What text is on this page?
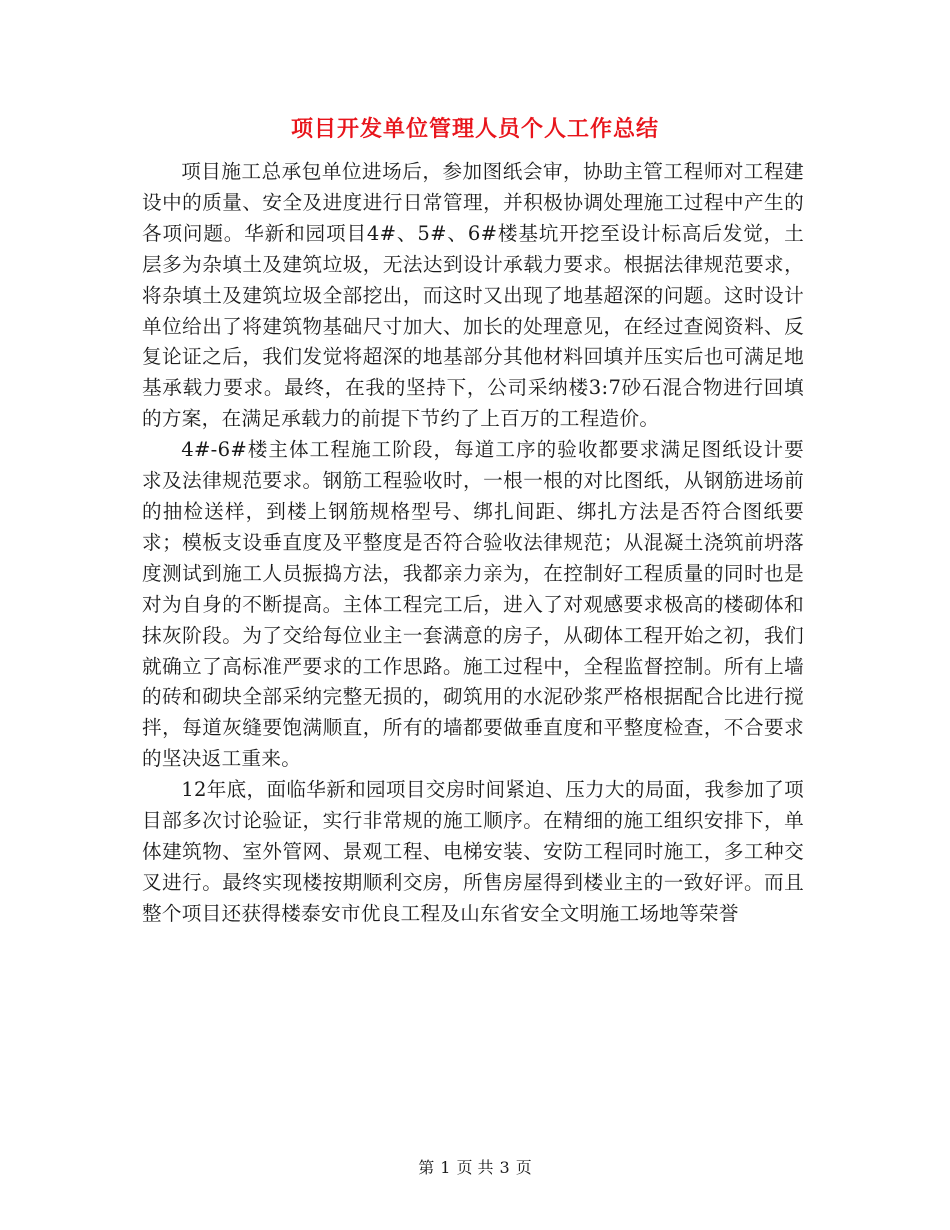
项目开发单位管理人员个人工作总结

项目施工总承包单位进场后，参加图纸会审，协助主管工程师对工程建设中的质量、安全及进度进行日常管理，并积极协调处理施工过程中产生的各项问题。华新和园项目4#、5#、6#楼基坑开挖至设计标高后发觉，土层多为杂填土及建筑垃圾，无法达到设计承载力要求。根据法律规范要求，将杂填土及建筑垃圾全部挖出，而这时又出现了地基超深的问题。这时设计单位给出了将建筑物基础尺寸加大、加长的处理意见，在经过查阅资料、反复论证之后，我们发觉将超深的地基部分其他材料回填并压实后也可满足地基承载力要求。最终，在我的坚持下，公司采纳楼3:7砂石混合物进行回填的方案，在满足承载力的前提下节约了上百万的工程造价。

4#-6#楼主体工程施工阶段，每道工序的验收都要求满足图纸设计要求及法律规范要求。钢筋工程验收时，一根一根的对比图纸，从钢筋进场前的抽检送样，到楼上钢筋规格型号、绑扎间距、绑扎方法是否符合图纸要求；模板支设垂直度及平整度是否符合验收法律规范；从混凝土浇筑前坍落度测试到施工人员振捣方法，我都亲力亲为，在控制好工程质量的同时也是对为自身的不断提高。主体工程完工后，进入了对观感要求极高的楼砌体和抹灰阶段。为了交给每位业主一套满意的房子，从砌体工程开始之初，我们就确立了高标准严要求的工作思路。施工过程中，全程监督控制。所有上墙的砖和砌块全部采纳完整无损的，砌筑用的水泥砂浆严格根据配合比进行搅拌，每道灰缝要饱满顺直，所有的墙都要做垂直度和平整度检查，不合要求的坚决返工重来。

12年底，面临华新和园项目交房时间紧迫、压力大的局面，我参加了项目部多次讨论验证，实行非常规的施工顺序。在精细的施工组织安排下，单体建筑物、室外管网、景观工程、电梯安装、安防工程同时施工，多工种交叉进行。最终实现楼按期顺利交房，所售房屋得到楼业主的一致好评。而且整个项目还获得楼泰安市优良工程及山东省安全文明施工场地等荣誉

第 1 页 共 3 页
